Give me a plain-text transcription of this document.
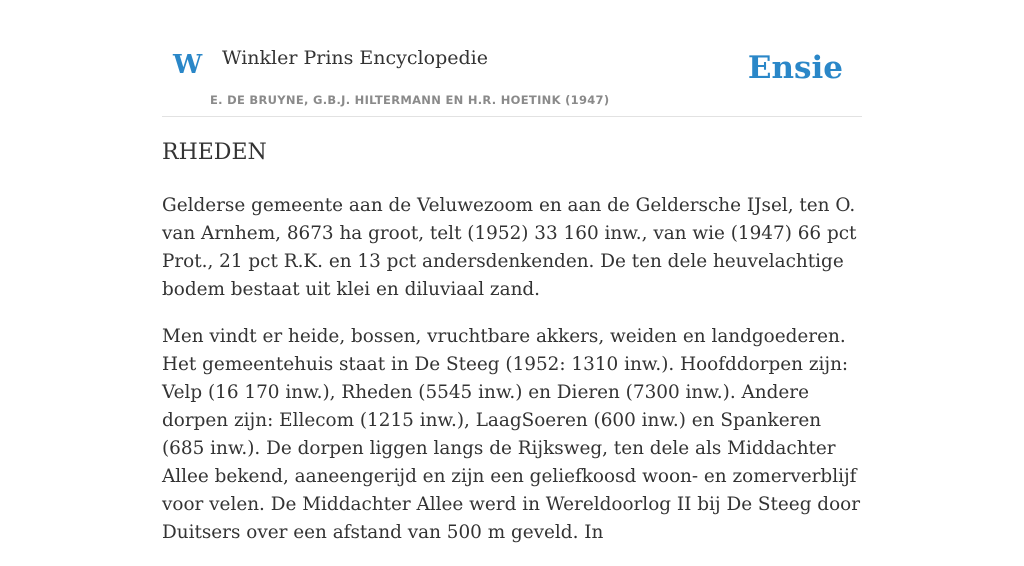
W Winkler Prins Encyclopedie
E. DE BRUYNE, G.B.J. HILTERMANN EN H.R. HOETINK (1947)
Ensie
RHEDEN

Gelderse gemeente aan de Veluwezoom en aan de Geldersche IJsel, ten O. van Arnhem, 8673 ha groot, telt (1952) 33 160 inw., van wie (1947) 66 pct Prot., 21 pct R.K. en 13 pct andersdenkenden. De ten dele heuvelachtige bodem bestaat uit klei en diluviaal zand.

Men vindt er heide, bossen, vruchtbare akkers, weiden en landgoederen. Het gemeentehuis staat in De Steeg (1952: 1310 inw.). Hoofddorpen zijn: Velp (16 170 inw.), Rheden (5545 inw.) en Dieren (7300 inw.). Andere dorpen zijn: Ellecom (1215 inw.), LaagSoeren (600 inw.) en Spankeren (685 inw.). De dorpen liggen langs de Rijksweg, ten dele als Middachter Allee bekend, aaneengerijd en zijn een geliefkoosd woon- en zomerverblijf voor velen. De Middachter Allee werd in Wereldoorlog II bij De Steeg door Duitsers over een afstand van 500 m geveld. In
